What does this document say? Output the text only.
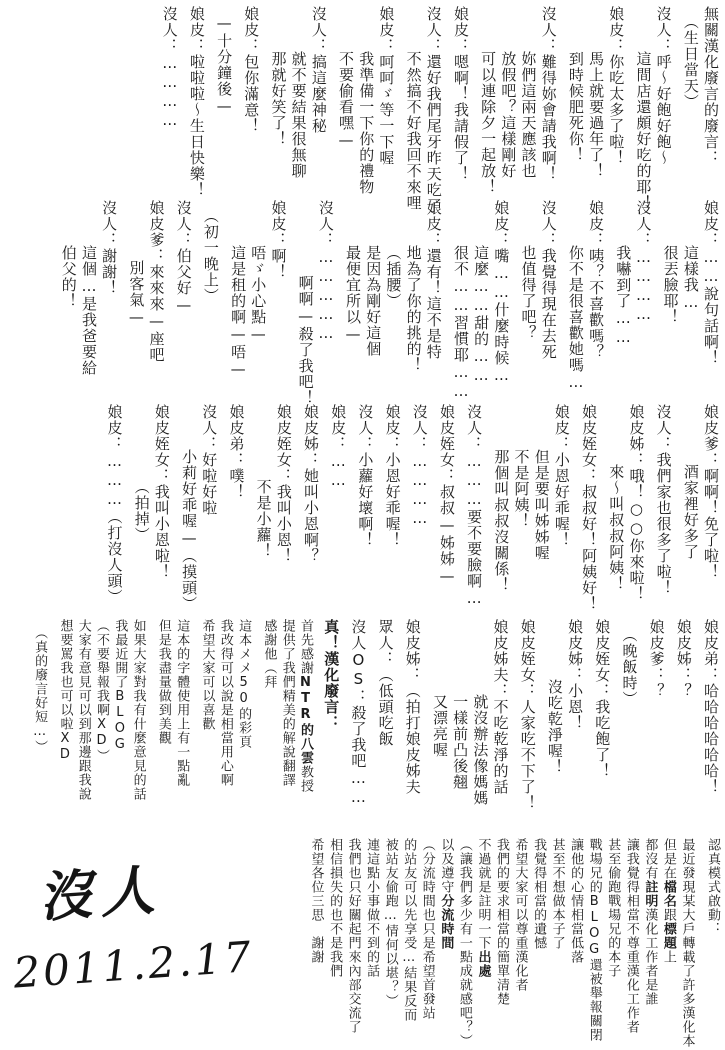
無關漢化廢言的廢言：
（生日當天）
沒人：呼～好飽好飽～
這間店還頗好吃的耶！
娘皮：你吃太多了啦！
馬上就要過年了！
到時候肥死你！
沒人：難得妳會請我啊！
妳們這兩天應該也
放假吧？這樣剛好
可以連除夕一起放！
娘皮：嗯啊！我請假了！
沒人：還好我們尾牙昨天吃了
不然搞不好我回不來哩
娘皮：呵呵ゞ等一下喔
我準備一下你的禮物
不要偷看嘿—
沒人：搞這麼神秘
就不要結果很無聊
那就好笑了！
娘皮：包你滿意！
—十分鐘後—
娘皮：啦啦啦～生日快樂！
沒人：…………
娘皮：……說句話啊！
這樣我…
很丟臉耶！
沒人：…………
我嚇到了……
娘皮：咦？不喜歡嗎？
你不是很喜歡她嗎…
沒人：我覺得現在去死
也值得了吧？
娘皮：嘴……什麼時候…
這麼……甜的……
很不……習慣耶……
娘皮：還有！這不是特
地為了你的挑的！
（插腰）
是因為剛好這個
最便宜所以—
沒人：……………
啊啊—殺了我吧！
娘皮：啊！
唔ゞ小心點—
這是租的啊—唔—
（初一晚上）
沒人：伯父好—
娘皮爹：來來來—座吧
別客氣—
沒人：謝謝！
這個…是我爸要給
伯父的！
娘皮爹：啊啊！免了啦！
酒家裡好多了
沒人：我們家也很多了啦！
娘皮姊：哦！○○你來啦！
來～叫叔叔阿姨！
娘皮姪女：叔叔好！阿姨好！
娘皮：小恩好乖喔！
但是要叫姊姊喔
不是阿姨！
那個叫叔叔沒關係！
沒人：………要不要臉啊…
娘皮姪女：叔叔—姊姊—
沒人：…………
娘皮：小恩好乖喔！
沒人：小蘿好壞啊！
娘皮：……
娘皮姊：她叫小恩啊？
娘皮姪女：我叫小恩！
不是小蘿！
娘皮弟：噗！
沒人：好啦好啦
小莉好乖喔—（摸頭）
娘皮姪女：我叫小恩啦！
（拍掉）
娘皮：………（打沒人頭）
娘皮弟：哈哈哈哈哈哈！
娘皮姊：？
娘皮爹：？
（晚飯時）
娘皮姪女：我吃飽了！
娘皮姊：小恩！
沒吃乾淨喔！
娘皮姪女：人家吃不下了！
娘皮姊夫：不吃乾淨的話
就沒辦法像媽媽
一樣前凸後翹
又漂亮喔
娘皮姊：（拍打娘皮姊夫
眾人：（低頭吃飯
沒人OS：殺了我吧……
真！漢化廢言：
首先感謝NTR的八雲教授
提供了我們精美的解說翻譯
感謝他（拜
這本メメ50的彩頁
我改得可以說是相當用心啊
希望大家可以喜歡
這本的字體使用上有一點亂
但是我盡量做到美觀
如果大家對我有什麼意見的話
我最近開了BLOG
（不要舉報我啊XD）
大家有意見可以到那邊跟我說
想要罵我也可以啦XD
（真的廢言好短…）
認真模式啟動：
最近發現某大戶轉載了許多漢化本
但是在檔名跟標題上
都沒有註明漢化工作者是誰
讓我覺得相當不尊重漢化工作者
甚至偷跑戰場兄的本子
戰場兄的BLOG還被舉報關閉
讓他的心情相當低落
甚至不想做本子了
我覺得相當的遺憾
希望大家可以尊重漢化者
我們的要求相當的簡單清楚
不過就是註明一下出處
（讓我們多少有一點成就感吧？）
以及遵守分流時間
（分流時間也只是希望首發站
的站友可以先享受…結果反而
被站友偷跑…情何以堪？）
連這點小事做不到的話
我們也只好關起門來內部交流了
相信損失的也不是我們
希望各位三思　謝謝
沒人
2011.2.17
